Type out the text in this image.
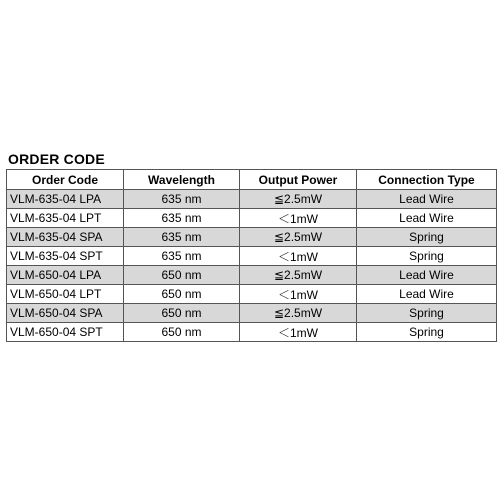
ORDER CODE
Order Code	Wavelength	Output Power	Connection Type
VLM-635-04 LPA	635 nm	≦2.5mW	Lead Wire
VLM-635-04 LPT	635 nm	＜1mW	Lead Wire
VLM-635-04 SPA	635 nm	≦2.5mW	Spring
VLM-635-04 SPT	635 nm	＜1mW	Spring
VLM-650-04 LPA	650 nm	≦2.5mW	Lead Wire
VLM-650-04 LPT	650 nm	＜1mW	Lead Wire
VLM-650-04 SPA	650 nm	≦2.5mW	Spring
VLM-650-04 SPT	650 nm	＜1mW	Spring
